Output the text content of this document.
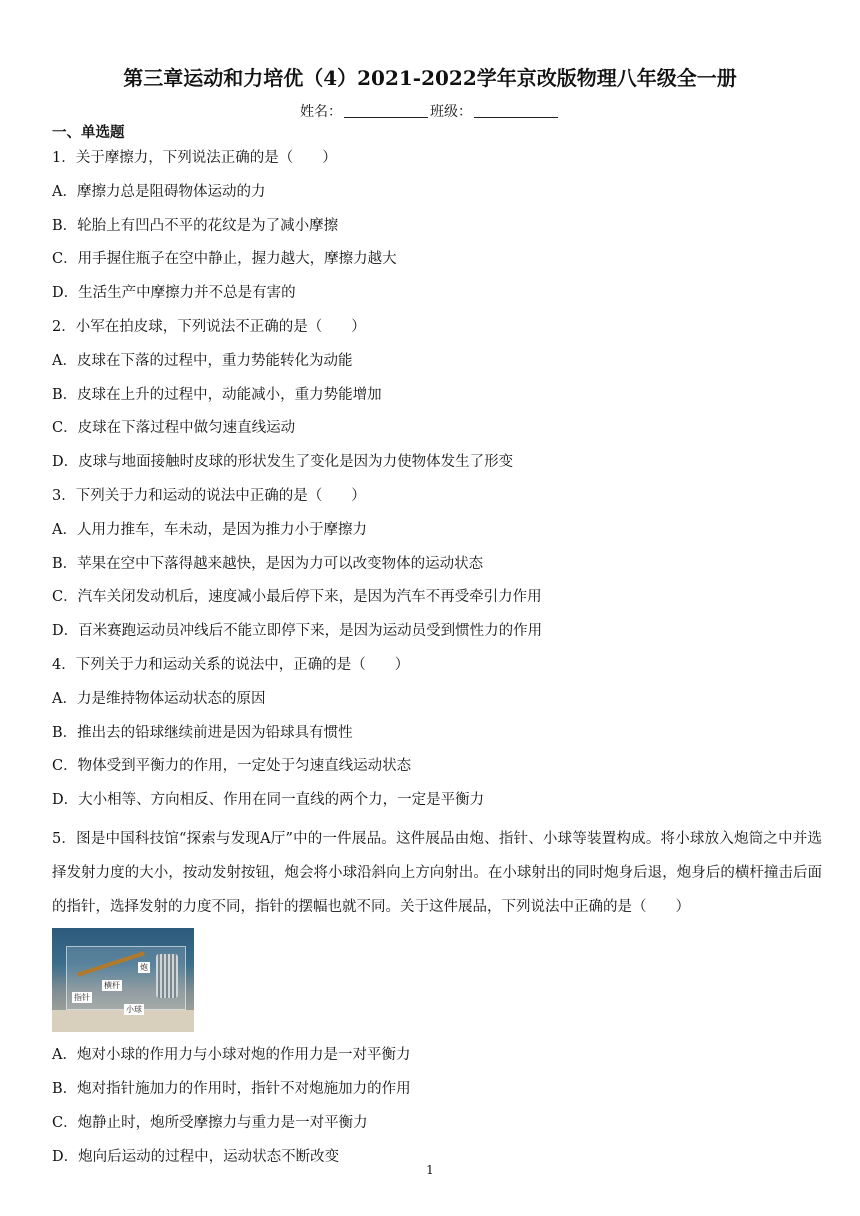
第三章运动和力培优（4）2021-2022学年京改版物理八年级全一册
姓名：	班级：
一、单选题
1．关于摩擦力，下列说法正确的是（　　）
A．摩擦力总是阻碍物体运动的力
B．轮胎上有凹凸不平的花纹是为了减小摩擦
C．用手握住瓶子在空中静止，握力越大，摩擦力越大
D．生活生产中摩擦力并不总是有害的
2．小军在拍皮球，下列说法不正确的是（　　）
A．皮球在下落的过程中，重力势能转化为动能
B．皮球在上升的过程中，动能减小，重力势能增加
C．皮球在下落过程中做匀速直线运动
D．皮球与地面接触时皮球的形状发生了变化是因为力使物体发生了形变
3．下列关于力和运动的说法中正确的是（　　）
A．人用力推车，车未动，是因为推力小于摩擦力
B．苹果在空中下落得越来越快，是因为力可以改变物体的运动状态
C．汽车关闭发动机后，速度减小最后停下来，是因为汽车不再受牵引力作用
D．百米赛跑运动员冲线后不能立即停下来，是因为运动员受到惯性力的作用
4．下列关于力和运动关系的说法中，正确的是（　　）
A．力是维持物体运动状态的原因
B．推出去的铅球继续前进是因为铅球具有惯性
C．物体受到平衡力的作用，一定处于匀速直线运动状态
D．大小相等、方向相反、作用在同一直线的两个力，一定是平衡力
5．图是中国科技馆“探索与发现A厅”中的一件展品。这件展品由炮、指针、小球等装置构成。将小球放入炮筒之中并选择发射力度的大小，按动发射按钮，炮会将小球沿斜向上方向射出。在小球射出的同时炮身后退，炮身后的横杆撞击后面的指针，选择发射的力度不同，指针的摆幅也就不同。关于这件展品，下列说法中正确的是（　　）
炮
横杆
指针
小球
A．炮对小球的作用力与小球对炮的作用力是一对平衡力
B．炮对指针施加力的作用时，指针不对炮施加力的作用
C．炮静止时，炮所受摩擦力与重力是一对平衡力
D．炮向后运动的过程中，运动状态不断改变
1
